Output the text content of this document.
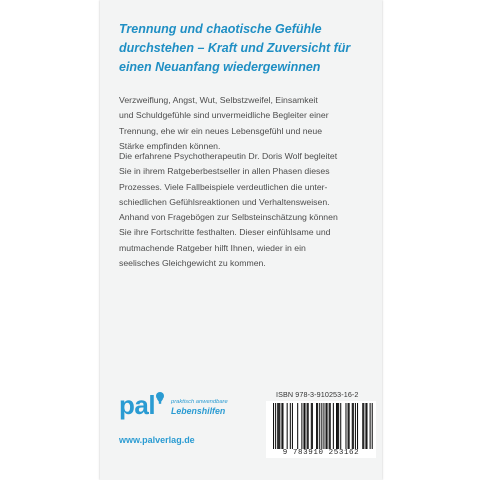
Trennung und chaotische Gefühle
durchstehen – Kraft und Zuversicht für
einen Neuanfang wiedergewinnen

Verzweiflung, Angst, Wut, Selbstzweifel, Einsamkeit
und Schuldgefühle sind unvermeidliche Begleiter einer
Trennung, ehe wir ein neues Lebensgefühl und neue
Stärke empfinden können.

Die erfahrene Psychotherapeutin Dr. Doris Wolf begleitet
Sie in ihrem Ratgeberbestseller in allen Phasen dieses
Prozesses. Viele Fallbeispiele verdeutlichen die unter-
schiedlichen Gefühlsreaktionen und Verhaltensweisen.
Anhand von Fragebögen zur Selbsteinschätzung können
Sie ihre Fortschritte festhalten. Dieser einfühlsame und
mutmachende Ratgeber hilft Ihnen, wieder in ein
seelisches Gleichgewicht zu kommen.

pal	praktisch anwendbare
Lebenshilfen
www.palverlag.de
ISBN 978-3-910253-16-2
9 783910 253162
